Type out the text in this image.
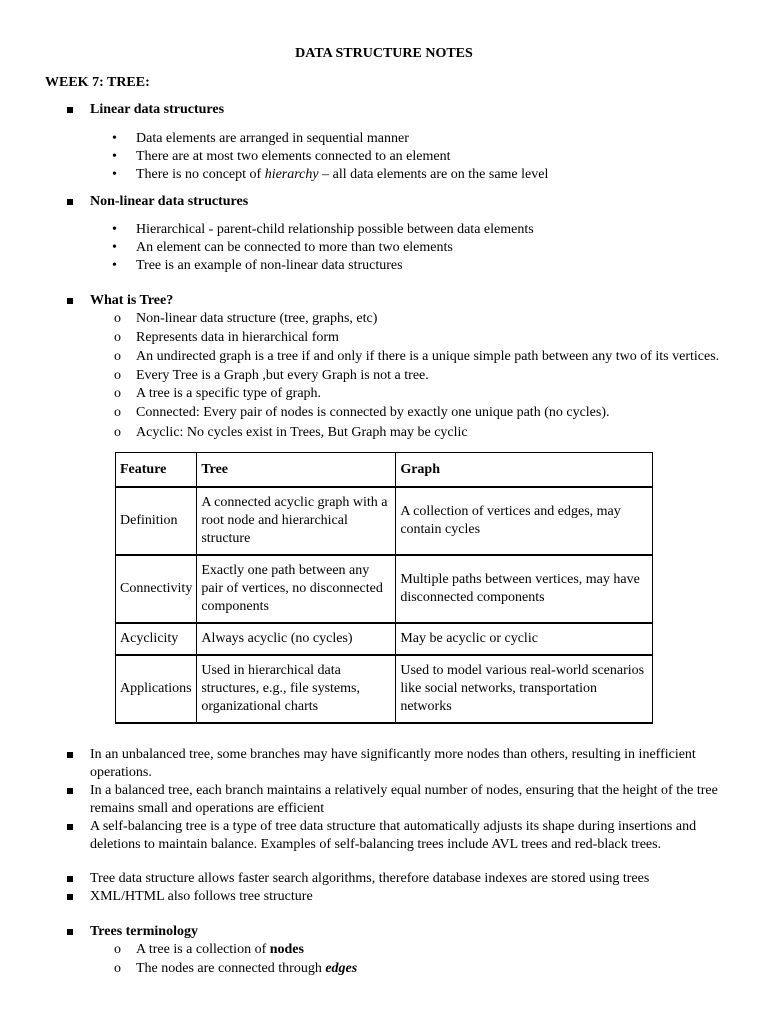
DATA STRUCTURE NOTES
WEEK 7: TREE:
Linear data structures
• Data elements are arranged in sequential manner
• There are at most two elements connected to an element
• There is no concept of hierarchy – all data elements are on the same level
Non-linear data structures
• Hierarchical - parent-child relationship possible between data elements
• An element can be connected to more than two elements
• Tree is an example of non-linear data structures
What is Tree?
o Non-linear data structure (tree, graphs, etc)
o Represents data in hierarchical form
o An undirected graph is a tree if and only if there is a unique simple path between any two of its vertices.
o Every Tree is a Graph ,but every Graph is not a tree.
o A tree is a specific type of graph.
o Connected: Every pair of nodes is connected by exactly one unique path (no cycles).
o Acyclic: No cycles exist in Trees, But Graph may be cyclic
Feature	Tree	Graph
Definition	A connected acyclic graph with a root node and hierarchical structure	A collection of vertices and edges, may contain cycles
Connectivity	Exactly one path between any pair of vertices, no disconnected components	Multiple paths between vertices, may have disconnected components
Acyclicity	Always acyclic (no cycles)	May be acyclic or cyclic
Applications	Used in hierarchical data structures, e.g., file systems, organizational charts	Used to model various real-world scenarios like social networks, transportation networks
In an unbalanced tree, some branches may have significantly more nodes than others, resulting in inefficient operations.
In a balanced tree, each branch maintains a relatively equal number of nodes, ensuring that the height of the tree remains small and operations are efficient
A self-balancing tree is a type of tree data structure that automatically adjusts its shape during insertions and deletions to maintain balance. Examples of self-balancing trees include AVL trees and red-black trees.
Tree data structure allows faster search algorithms, therefore database indexes are stored using trees
XML/HTML also follows tree structure
Trees terminology
o A tree is a collection of nodes
o The nodes are connected through edges
